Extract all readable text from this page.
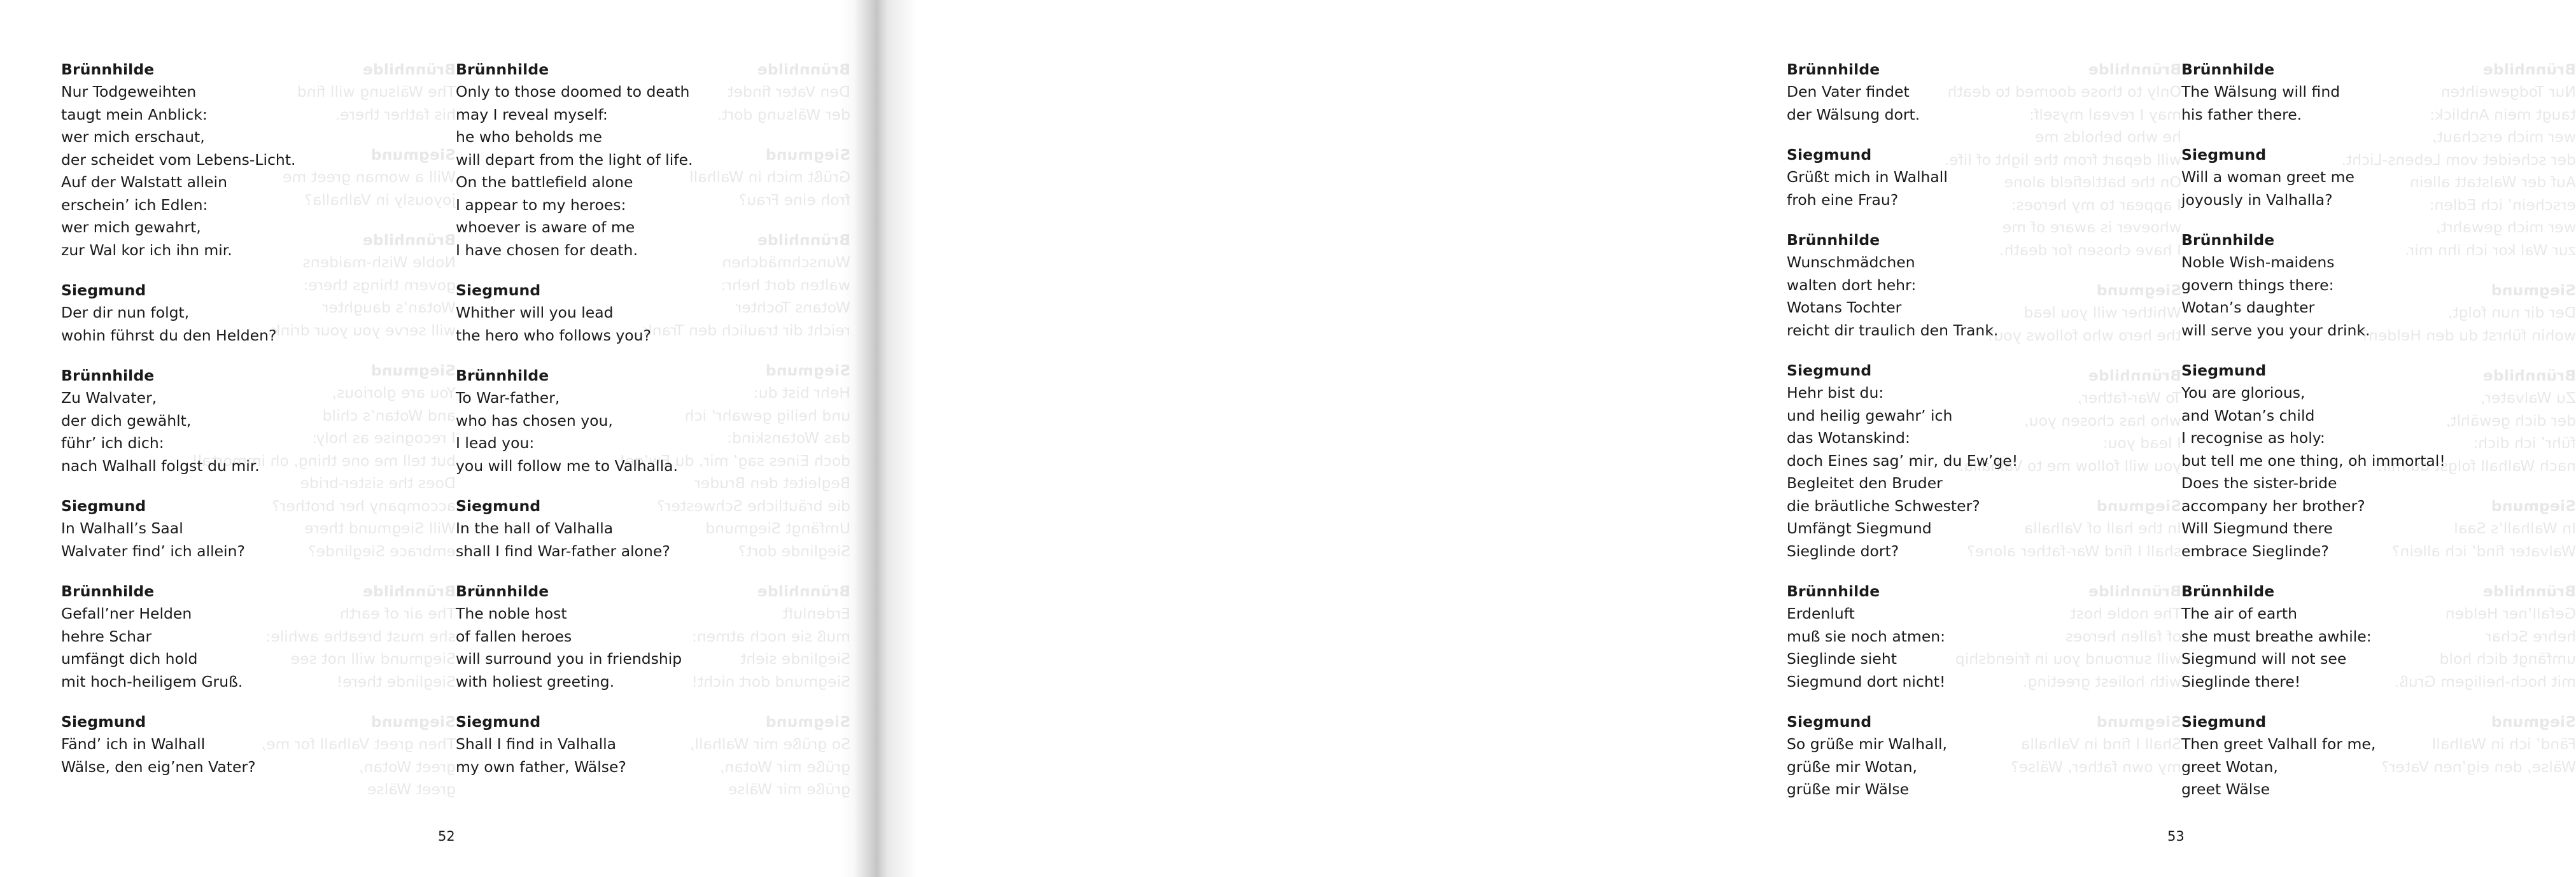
Brünnhilde
Den Vater findet
der Wälsung dort.
Siegmund
Grüßt mich in Walhall
froh eine Frau?
Brünnhilde
Wunschmädchen
walten dort hehr:
Wotans Tochter
reicht dir traulich den Trank.
Siegmund
Hehr bist du:
und heilig gewahr’ ich
das Wotanskind:
doch Eines sag’ mir, du Ew’ge!
Begleitet den Bruder
die bräutliche Schwester?
Umfängt Siegmund
Sieglinde dort?
Brünnhilde
Erdenluft
muß sie noch atmen:
Sieglinde sieht
Siegmund dort nicht!
Siegmund
So grüße mir Walhall,
grüße mir Wotan,
grüße mir Wälse
Brünnhilde
The Wälsung will find
his father there.
Siegmund
Will a woman greet me
joyously in Valhalla?
Brünnhilde
Noble Wish-maidens
govern things there:
Wotan’s daughter
will serve you your drink.
Siegmund
You are glorious,
and Wotan’s child
I recognise as holy:
but tell me one thing, oh immortal!
Does the sister-bride
accompany her brother?
Will Siegmund there
embrace Sieglinde?
Brünnhilde
The air of earth
she must breathe awhile:
Siegmund will not see
Sieglinde there!
Siegmund
Then greet Valhall for me,
greet Wotan,
greet Wälse
Brünnhilde
Nur Todgeweihten
taugt mein Anblick:
wer mich erschaut,
der scheidet vom Lebens-Licht.
Auf der Walstatt allein
erschein’ ich Edlen:
wer mich gewahrt,
zur Wal kor ich ihn mir.
Siegmund
Der dir nun folgt,
wohin führst du den Helden?
Brünnhilde
Zu Walvater,
der dich gewählt,
führ’ ich dich:
nach Walhall folgst du mir.
Siegmund
In Walhall’s Saal
Walvater find’ ich allein?
Brünnhilde
Gefall’ner Helden
hehre Schar
umfängt dich hold
mit hoch-heiligem Gruß.
Siegmund
Fänd’ ich in Walhall
Wälse, den eig’nen Vater?
Brünnhilde
Only to those doomed to death
may I reveal myself:
he who beholds me
will depart from the light of life.
On the battlefield alone
I appear to my heroes:
whoever is aware of me
I have chosen for death.
Siegmund
Whither will you lead
the hero who follows you?
Brünnhilde
To War-father,
who has chosen you,
I lead you:
you will follow me to Valhalla.
Siegmund
In the hall of Valhalla
shall I find War-father alone?
Brünnhilde
The noble host
of fallen heroes
will surround you in friendship
with holiest greeting.
Siegmund
Shall I find in Valhalla
my own father, Wälse?
52
Brünnhilde
Nur Todgeweihten
taugt mein Anblick:
wer mich erschaut,
der scheidet vom Lebens-Licht.
Auf der Walstatt allein
erschein’ ich Edlen:
wer mich gewahrt,
zur Wal kor ich ihn mir.
Siegmund
Der dir nun folgt,
wohin führst du den Helden?
Brünnhilde
Zu Walvater,
der dich gewählt,
führ’ ich dich:
nach Walhall folgst du mir.
Siegmund
In Walhall’s Saal
Walvater find’ ich allein?
Brünnhilde
Gefall’ner Helden
hehre Schar
umfängt dich hold
mit hoch-heiligem Gruß.
Siegmund
Fänd’ ich in Walhall
Wälse, den eig’nen Vater?
Brünnhilde
Only to those doomed to death
may I reveal myself:
he who beholds me
will depart from the light of life.
On the battlefield alone
I appear to my heroes:
whoever is aware of me
I have chosen for death.
Siegmund
Whither will you lead
the hero who follows you?
Brünnhilde
To War-father,
who has chosen you,
I lead you:
you will follow me to Valhalla.
Siegmund
In the hall of Valhalla
shall I find War-father alone?
Brünnhilde
The noble host
of fallen heroes
will surround you in friendship
with holiest greeting.
Siegmund
Shall I find in Valhalla
my own father, Wälse?
Brünnhilde
Den Vater findet
der Wälsung dort.
Siegmund
Grüßt mich in Walhall
froh eine Frau?
Brünnhilde
Wunschmädchen
walten dort hehr:
Wotans Tochter
reicht dir traulich den Trank.
Siegmund
Hehr bist du:
und heilig gewahr’ ich
das Wotanskind:
doch Eines sag’ mir, du Ew’ge!
Begleitet den Bruder
die bräutliche Schwester?
Umfängt Siegmund
Sieglinde dort?
Brünnhilde
Erdenluft
muß sie noch atmen:
Sieglinde sieht
Siegmund dort nicht!
Siegmund
So grüße mir Walhall,
grüße mir Wotan,
grüße mir Wälse
Brünnhilde
The Wälsung will find
his father there.
Siegmund
Will a woman greet me
joyously in Valhalla?
Brünnhilde
Noble Wish-maidens
govern things there:
Wotan’s daughter
will serve you your drink.
Siegmund
You are glorious,
and Wotan’s child
I recognise as holy:
but tell me one thing, oh immortal!
Does the sister-bride
accompany her brother?
Will Siegmund there
embrace Sieglinde?
Brünnhilde
The air of earth
she must breathe awhile:
Siegmund will not see
Sieglinde there!
Siegmund
Then greet Valhall for me,
greet Wotan,
greet Wälse
53
